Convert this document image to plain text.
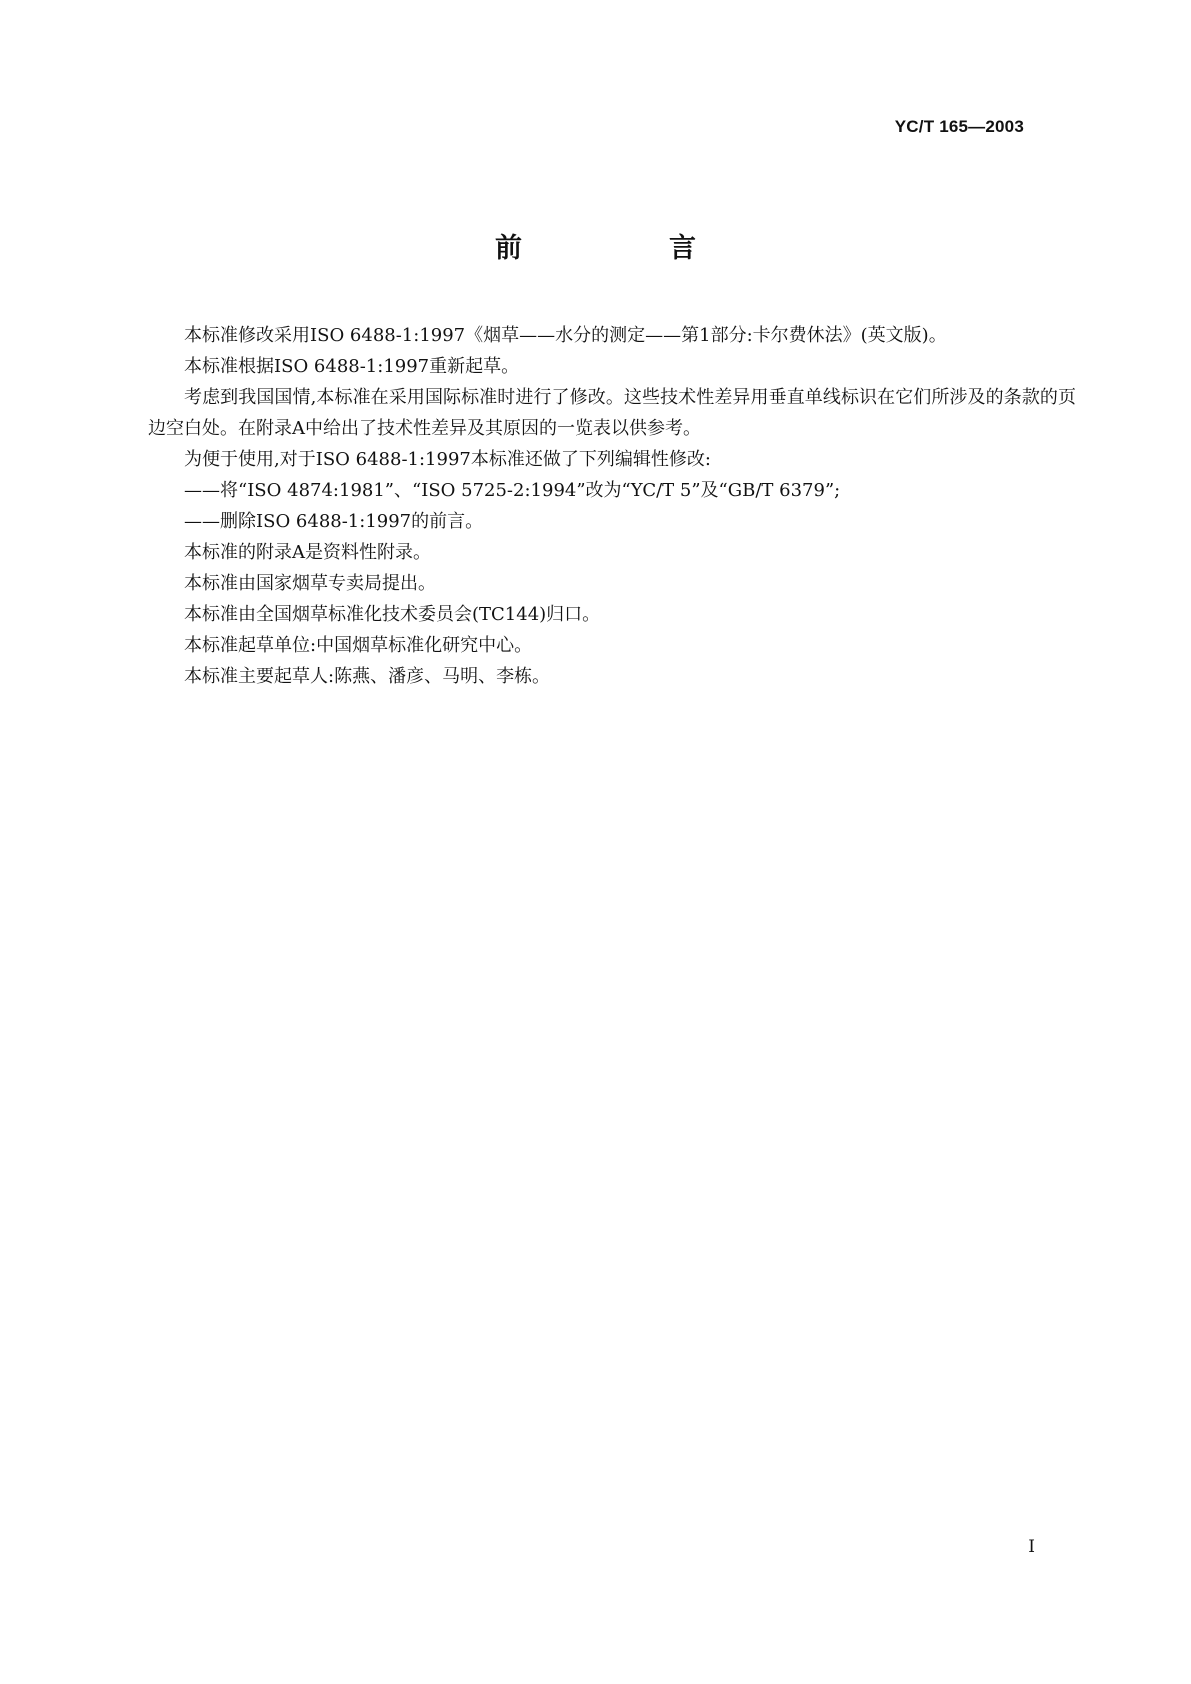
YC/T 165—2003
前　言

本标准修改采用ISO 6488-1:1997《烟草——水分的测定——第1部分:卡尔费休法》(英文版)。

本标准根据ISO 6488-1:1997重新起草。

考虑到我国国情,本标准在采用国际标准时进行了修改。这些技术性差异用垂直单线标识在它们所涉及的条款的页边空白处。在附录A中给出了技术性差异及其原因的一览表以供参考。

为便于使用,对于ISO 6488-1:1997本标准还做了下列编辑性修改:

——将“ISO 4874:1981”、“ISO 5725-2:1994”改为“YC/T 5”及“GB/T 6379”;

——删除ISO 6488-1:1997的前言。

本标准的附录A是资料性附录。

本标准由国家烟草专卖局提出。

本标准由全国烟草标准化技术委员会(TC144)归口。

本标准起草单位:中国烟草标准化研究中心。

本标准主要起草人:陈燕、潘彦、马明、李栋。

I
